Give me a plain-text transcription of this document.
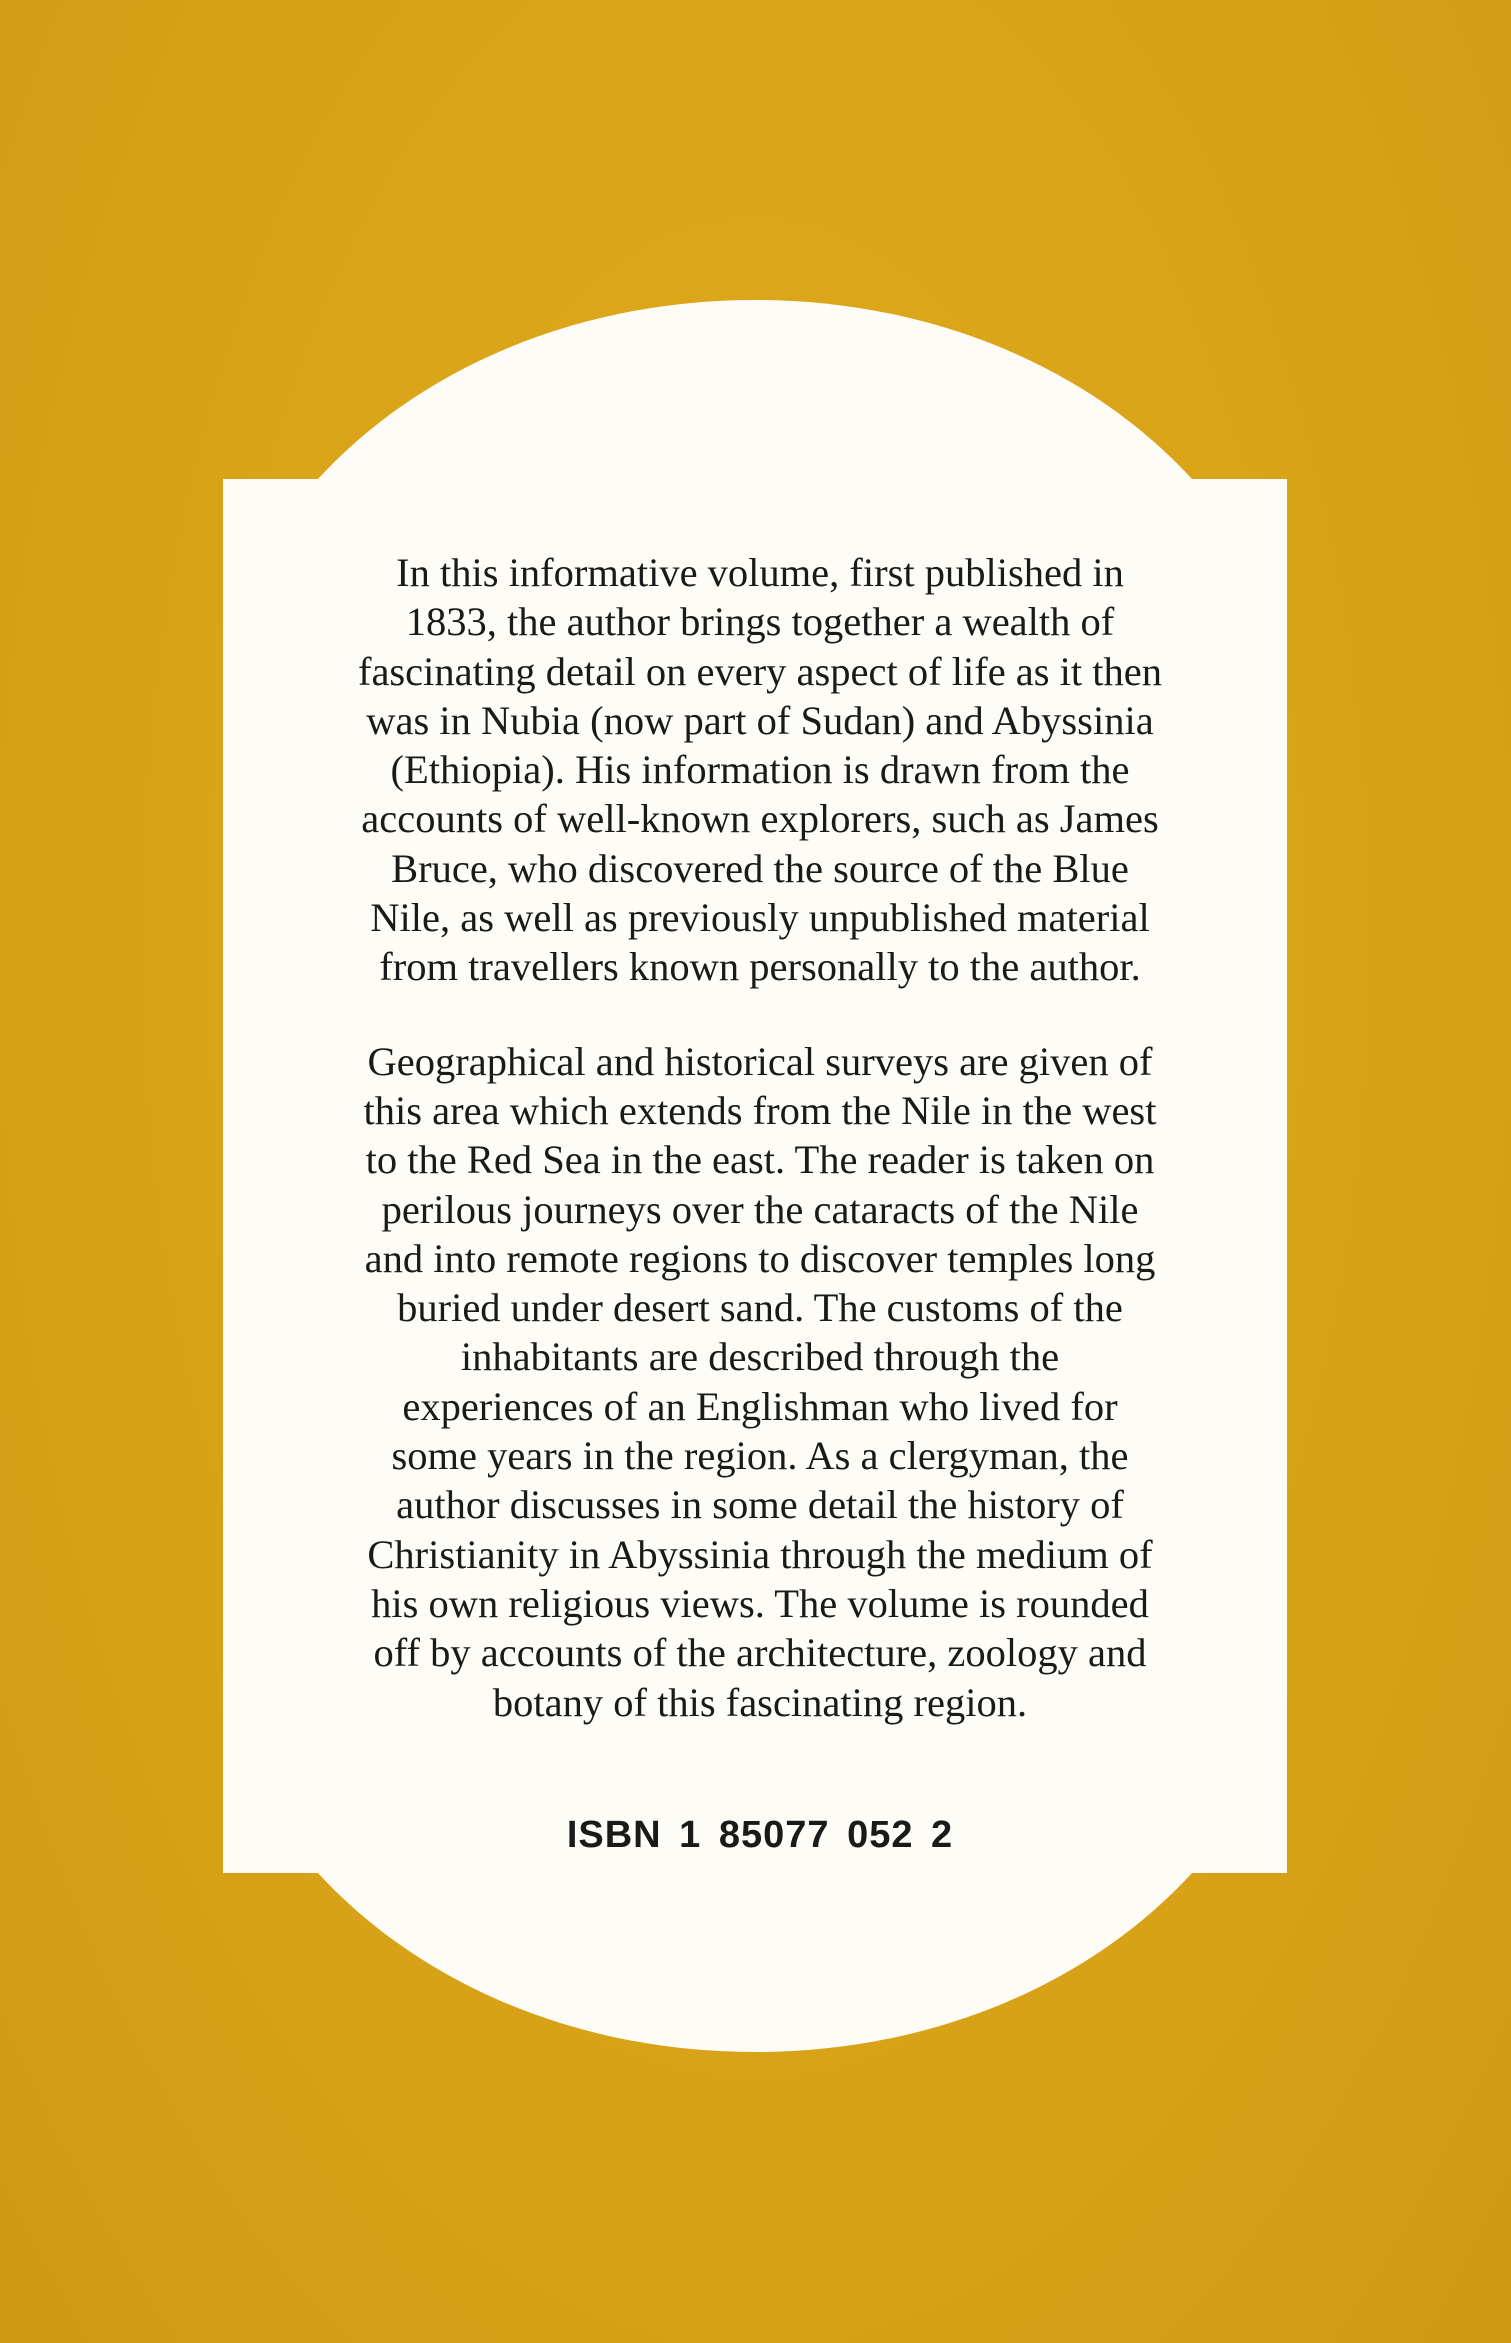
In this informative volume, first published in
1833, the author brings together a wealth of
fascinating detail on every aspect of life as it then
was in Nubia (now part of Sudan) and Abyssinia
(Ethiopia). His information is drawn from the
accounts of well-known explorers, such as James
Bruce, who discovered the source of the Blue
Nile, as well as previously unpublished material
from travellers known personally to the author.

Geographical and historical surveys are given of
this area which extends from the Nile in the west
to the Red Sea in the east. The reader is taken on
perilous journeys over the cataracts of the Nile
and into remote regions to discover temples long
buried under desert sand. The customs of the
inhabitants are described through the
experiences of an Englishman who lived for
some years in the region. As a clergyman, the
author discusses in some detail the history of
Christianity in Abyssinia through the medium of
his own religious views. The volume is rounded
off by accounts of the architecture, zoology and
botany of this fascinating region.

ISBN 1 85077 052 2
